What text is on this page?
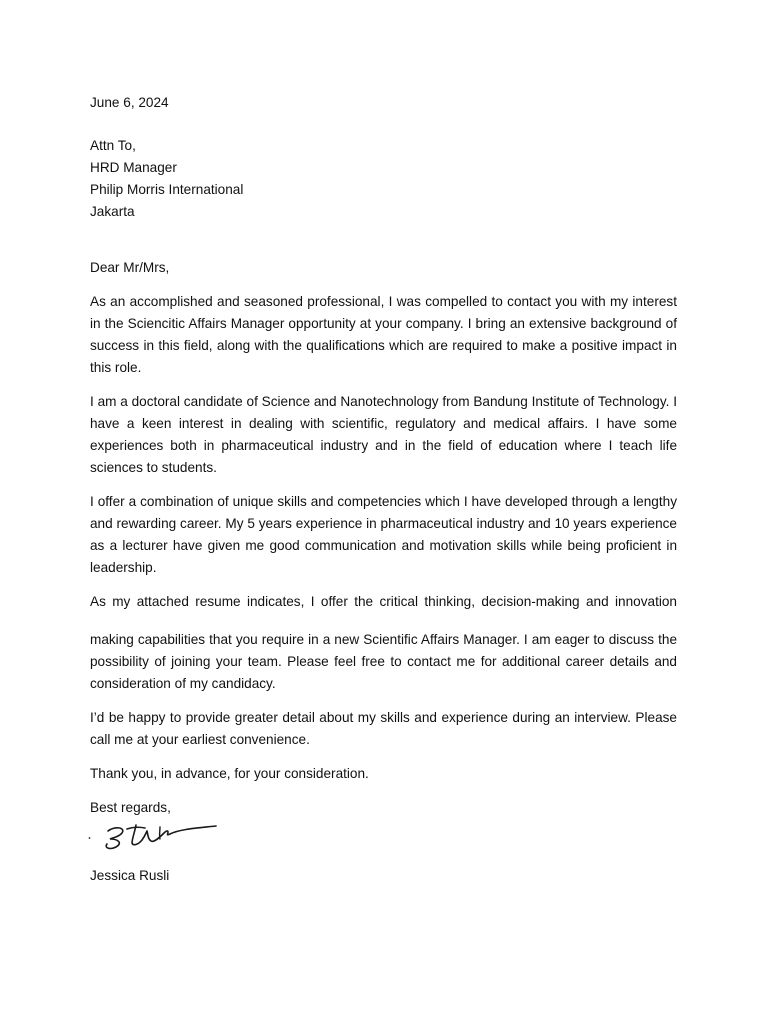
June 6, 2024

Attn To,

HRD Manager

Philip Morris International

Jakarta

Dear Mr/Mrs,

As an accomplished and seasoned professional, I was compelled to contact you with my interest in the Sciencitic Affairs Manager opportunity at your company. I bring an extensive background of success in this field, along with the qualifications which are required to make a positive impact in this role.

I am a doctoral candidate of Science and Nanotechnology from Bandung Institute of Technology. I have a keen interest in dealing with scientific, regulatory and medical affairs. I have some experiences both in pharmaceutical industry and in the field of education where I teach life sciences to students.

I offer a combination of unique skills and competencies which I have developed through a lengthy and rewarding career. My 5 years experience in pharmaceutical industry and 10 years experience as a lecturer have given me good communication and motivation skills while being proficient in leadership.

As my attached resume indicates, I offer the critical thinking, decision-making and innovation

making capabilities that you require in a new Scientific Affairs Manager. I am eager to discuss the possibility of joining your team. Please feel free to contact me for additional career details and consideration of my candidacy.

I’d be happy to provide greater detail about my skills and experience during an interview. Please call me at your earliest convenience.

Thank you, in advance, for your consideration.

Best regards,

Jessica Rusli
